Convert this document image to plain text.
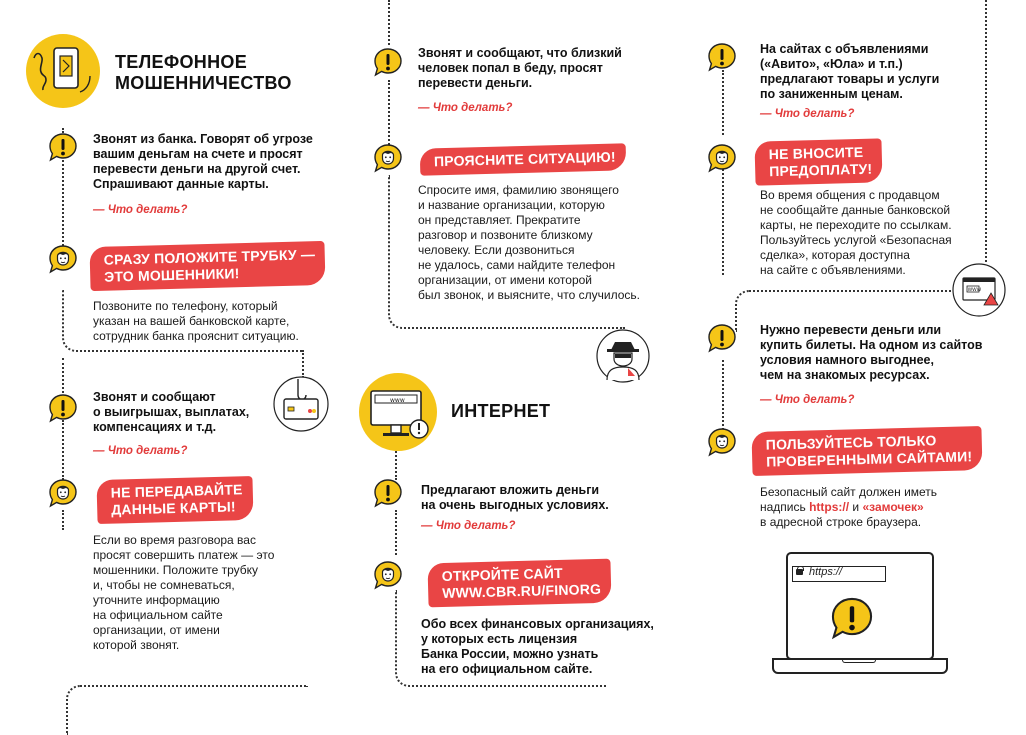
ТЕЛЕФОННОЕ
МОШЕННИЧЕСТВО
Звонят из банка. Говорят об угрозе
вашим деньгам на счете и просят
перевести деньги на другой счет.
Спрашивают данные карты.
— Что делать?
СРАЗУ ПОЛОЖИТЕ ТРУБКУ —
ЭТО МОШЕННИКИ!
Позвоните по телефону, который
указан на вашей банковской карте,
сотрудник банка прояснит ситуацию.
Звонят и сообщают
о выигрышах, выплатах,
компенсациях и т.д.
— Что делать?
НЕ ПЕРЕДАВАЙТЕ
ДАННЫЕ КАРТЫ!
Если во время разговора вас
просят совершить платеж — это
мошенники. Положите трубку
и, чтобы не сомневаться,
уточните информацию
на официальном сайте
организации, от имени
которой звонят.
Звонят и сообщают, что близкий
человек попал в беду, просят
перевести деньги.
— Что делать?
ПРОЯСНИТЕ СИТУАЦИЮ!
Спросите имя, фамилию звонящего
и название организации, которую
он представляет. Прекратите
разговор и позвоните близкому
человеку. Если дозвониться
не удалось, сами найдите телефон
организации, от имени которой
был звонок, и выясните, что случилось.
www
ИНТЕРНЕТ
Предлагают вложить деньги
на очень выгодных условиях.
— Что делать?
ОТКРОЙТЕ САЙТ
WWW.CBR.RU/FINORG
Обо всех финансовых организациях,
у которых есть лицензия
Банка России, можно узнать
на его официальном сайте.
На сайтах с объявлениями
(«Авито», «Юла» и т.п.)
предлагают товары и услуги
по заниженным ценам.
— Что делать?
НЕ ВНОСИТЕ
ПРЕДОПЛАТУ!
Во время общения с продавцом
не сообщайте данные банковской
карты, не переходите по ссылкам.
Пользуйтесь услугой «Безопасная
сделка», которая доступна
на сайте с объявлениями.
WWW
Нужно перевести деньги или
купить билеты. На одном из сайтов
условия намного выгоднее,
чем на знакомых ресурсах.
— Что делать?
ПОЛЬЗУЙТЕСЬ ТОЛЬКО
ПРОВЕРЕННЫМИ САЙТАМИ!
Безопасный сайт должен иметь
надпись https:// и «замочек»
в адресной строке браузера.
https://
